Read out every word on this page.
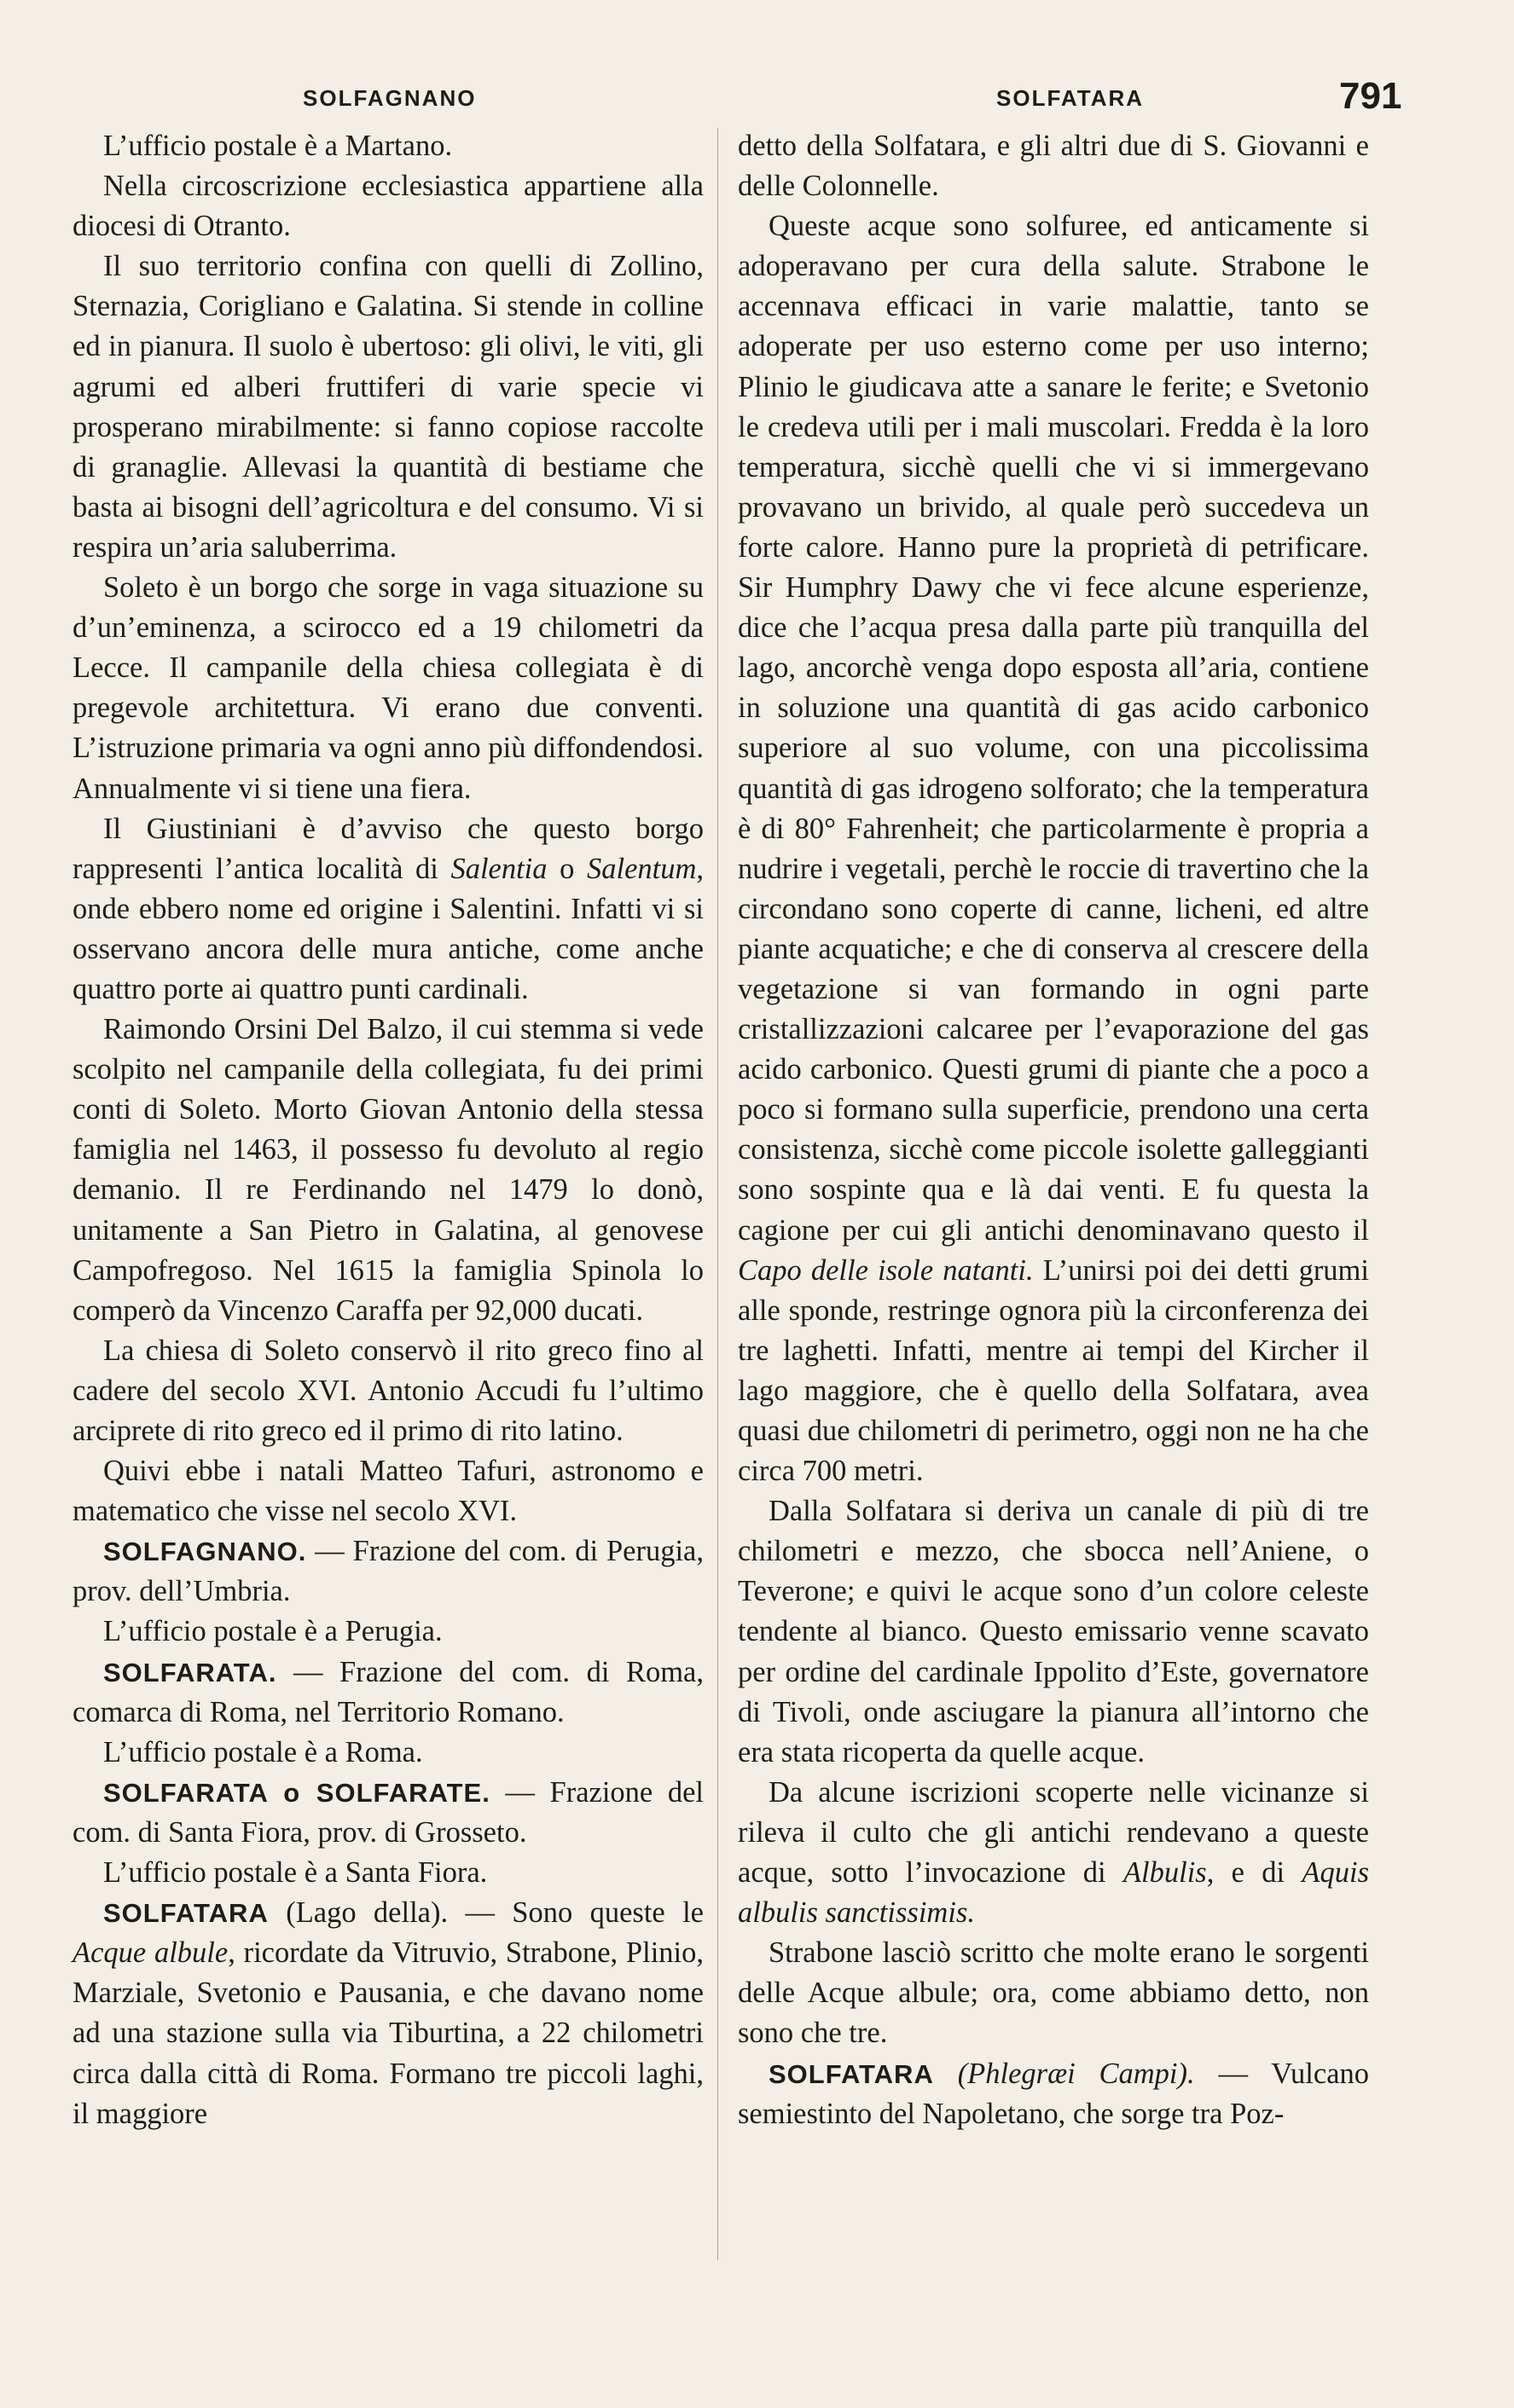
SOLFAGNANO	SOLFATARA	791

L’ufficio postale è a Martano.

Nella circoscrizione ecclesiastica appartiene alla diocesi di Otranto.

Il suo territorio confina con quelli di Zollino, Sternazia, Corigliano e Galatina. Si stende in colline ed in pianura. Il suolo è ubertoso: gli olivi, le viti, gli agrumi ed alberi fruttiferi di varie specie vi prosperano mirabilmente: si fanno copiose raccolte di granaglie. Allevasi la quantità di bestiame che basta ai bisogni dell’agricoltura e del consumo. Vi si respira un’aria saluberrima.

Soleto è un borgo che sorge in vaga situazione su d’un’eminenza, a scirocco ed a 19 chilometri da Lecce. Il campanile della chiesa collegiata è di pregevole architettura. Vi erano due conventi. L’istruzione primaria va ogni anno più diffondendosi. Annualmente vi si tiene una fiera.

Il Giustiniani è d’avviso che questo borgo rappresenti l’antica località di Salentia o Salentum, onde ebbero nome ed origine i Salentini. Infatti vi si osservano ancora delle mura antiche, come anche quattro porte ai quattro punti cardinali.

Raimondo Orsini Del Balzo, il cui stemma si vede scolpito nel campanile della collegiata, fu dei primi conti di Soleto. Morto Giovan Antonio della stessa famiglia nel 1463, il possesso fu devoluto al regio demanio. Il re Ferdinando nel 1479 lo donò, unitamente a San Pietro in Galatina, al genovese Campofregoso. Nel 1615 la famiglia Spinola lo comperò da Vincenzo Caraffa per 92,000 ducati.

La chiesa di Soleto conservò il rito greco fino al cadere del secolo XVI. Antonio Accudi fu l’ultimo arciprete di rito greco ed il primo di rito latino.

Quivi ebbe i natali Matteo Tafuri, astronomo e matematico che visse nel secolo XVI.

SOLFAGNANO. — Frazione del com. di Perugia, prov. dell’Umbria.

L’ufficio postale è a Perugia.

SOLFARATA. — Frazione del com. di Roma, comarca di Roma, nel Territorio Romano.

L’ufficio postale è a Roma.

SOLFARATA o SOLFARATE. — Frazione del com. di Santa Fiora, prov. di Grosseto.

L’ufficio postale è a Santa Fiora.

SOLFATARA (Lago della). — Sono queste le Acque albule, ricordate da Vitruvio, Strabone, Plinio, Marziale, Svetonio e Pausania, e che davano nome ad una stazione sulla via Tiburtina, a 22 chilometri circa dalla città di Roma. Formano tre piccoli laghi, il maggiore

detto della Solfatara, e gli altri due di S. Giovanni e delle Colonnelle.

Queste acque sono solfuree, ed anticamente si adoperavano per cura della salute. Strabone le accennava efficaci in varie malattie, tanto se adoperate per uso esterno come per uso interno; Plinio le giudicava atte a sanare le ferite; e Svetonio le credeva utili per i mali muscolari. Fredda è la loro temperatura, sicchè quelli che vi si immergevano provavano un brivido, al quale però succedeva un forte calore. Hanno pure la proprietà di petrificare. Sir Humphry Dawy che vi fece alcune esperienze, dice che l’acqua presa dalla parte più tranquilla del lago, ancorchè venga dopo esposta all’aria, contiene in soluzione una quantità di gas acido carbonico superiore al suo volume, con una piccolissima quantità di gas idrogeno solforato; che la temperatura è di 80° Fahrenheit; che particolarmente è propria a nudrire i vegetali, perchè le roccie di travertino che la circondano sono coperte di canne, licheni, ed altre piante acquatiche; e che di conserva al crescere della vegetazione si van formando in ogni parte cristallizzazioni calcaree per l’evaporazione del gas acido carbonico. Questi grumi di piante che a poco a poco si formano sulla superficie, prendono una certa consistenza, sicchè come piccole isolette galleggianti sono sospinte qua e là dai venti. E fu questa la cagione per cui gli antichi denominavano questo il Capo delle isole natanti. L’unirsi poi dei detti grumi alle sponde, restringe ognora più la circonferenza dei tre laghetti. Infatti, mentre ai tempi del Kircher il lago maggiore, che è quello della Solfatara, avea quasi due chilometri di perimetro, oggi non ne ha che circa 700 metri.

Dalla Solfatara si deriva un canale di più di tre chilometri e mezzo, che sbocca nell’Aniene, o Teverone; e quivi le acque sono d’un colore celeste tendente al bianco. Questo emissario venne scavato per ordine del cardinale Ippolito d’Este, governatore di Tivoli, onde asciugare la pianura all’intorno che era stata ricoperta da quelle acque.

Da alcune iscrizioni scoperte nelle vicinanze si rileva il culto che gli antichi rendevano a queste acque, sotto l’invocazione di Albulis, e di Aquis albulis sanctissimis.

Strabone lasciò scritto che molte erano le sorgenti delle Acque albule; ora, come abbiamo detto, non sono che tre.

SOLFATARA (Phlegræi Campi). — Vulcano semiestinto del Napoletano, che sorge tra Poz-
